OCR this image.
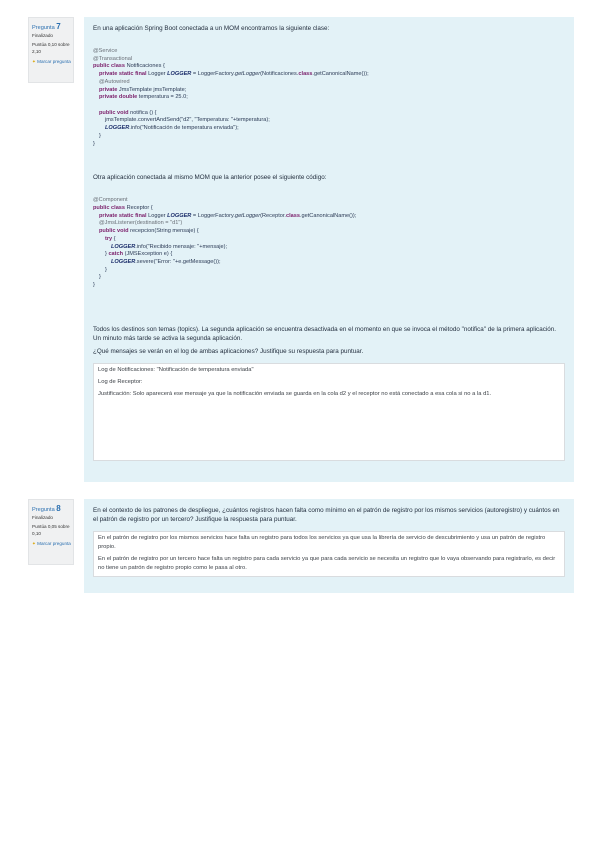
Pregunta 7
Finalizado
Puntúa 0,10 sobre 2,10
✦ Marcar pregunta

En una aplicación Spring Boot conectada a un MOM encontramos la siguiente clase:

@Service
@Transactional
public class Notificaciones {
private static final Logger LOGGER = LoggerFactory.getLogger(Notificaciones.class.getCanonicalName());
@Autowired
private JmsTemplate jmsTemplate;
private double temperatura = 25.0;

public void notifica () {
jmsTemplate.convertAndSend("d2", "Temperatura: "+temperatura);
LOGGER.info("Notificación de temperatura enviada");
}
}

Otra aplicación conectada al mismo MOM que la anterior posee el siguiente código:

@Component
public class Receptor {
private static final Logger LOGGER = LoggerFactory.getLogger(Receptor.class.getCanonicalName());
@JmsListener(destination = "d1")
public void recepcion(String mensaje) {
try {
LOGGER.info("Recibido mensaje: "+mensaje);
} catch (JMSException e) {
LOGGER.severe("Error: "+e.getMessage());
}
}
}

Todos los destinos son temas (topics). La segunda aplicación se encuentra desactivada en el momento en que se invoca el método "notifica" de la primera aplicación. Un minuto más tarde se activa la segunda aplicación.

¿Qué mensajes se verán en el log de ambas aplicaciones? Justifique su respuesta para puntuar.

Log de Notificaciones: "Notificación de temperatura enviada"

Log de Receptor:

Justificación: Solo aparecerá ese mensaje ya que la notificación enviada se guarda en la cola d2 y el receptor no está conectado a esa cola si no a la d1.

Pregunta 8
Finalizado
Puntúa 0,05 sobre 0,10
✦ Marcar pregunta

En el contexto de los patrones de despliegue, ¿cuántos registros hacen falta como mínimo en el patrón de registro por los mismos servicios (autoregistro) y cuántos en el patrón de registro por un tercero? Justifique la respuesta para puntuar.

En el patrón de registro por los mismos servicios hace falta un registro para todos los servicios ya que usa la librería de servicio de descubrimiento y usa un patrón de registro propio.

En el patrón de registro por un tercero hace falta un registro para cada servicio ya que para cada servicio se necesita un registro que lo vaya observando para registrarlo, es decir no tiene un patrón de registro propio como le pasa al otro.
